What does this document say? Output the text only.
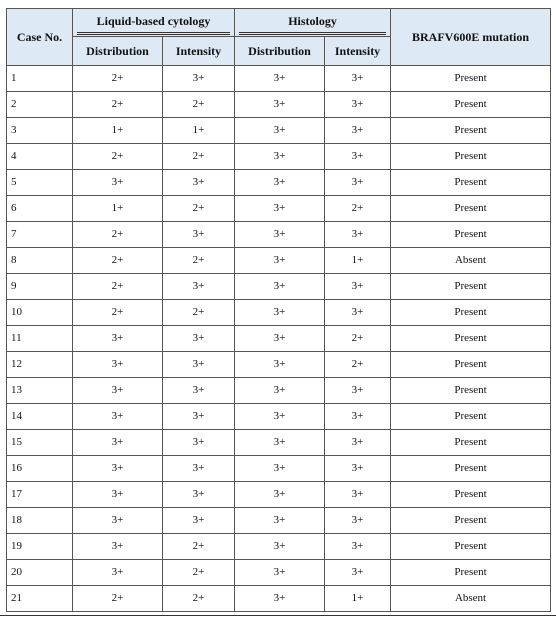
Case No.	Liquid-based cytology		Histology		BRAFV600E mutation
	Distribution	Intensity	Distribution	Intensity	
1	2+	3+	3+	3+	Present
2	2+	2+	3+	3+	Present
3	1+	1+	3+	3+	Present
4	2+	2+	3+	3+	Present
5	3+	3+	3+	3+	Present
6	1+	2+	3+	2+	Present
7	2+	3+	3+	3+	Present
8	2+	2+	3+	1+	Absent
9	2+	3+	3+	3+	Present
10	2+	2+	3+	3+	Present
11	3+	3+	3+	2+	Present
12	3+	3+	3+	2+	Present
13	3+	3+	3+	3+	Present
14	3+	3+	3+	3+	Present
15	3+	3+	3+	3+	Present
16	3+	3+	3+	3+	Present
17	3+	3+	3+	3+	Present
18	3+	3+	3+	3+	Present
19	3+	2+	3+	3+	Present
20	3+	2+	3+	3+	Present
21	2+	2+	3+	1+	Absent
